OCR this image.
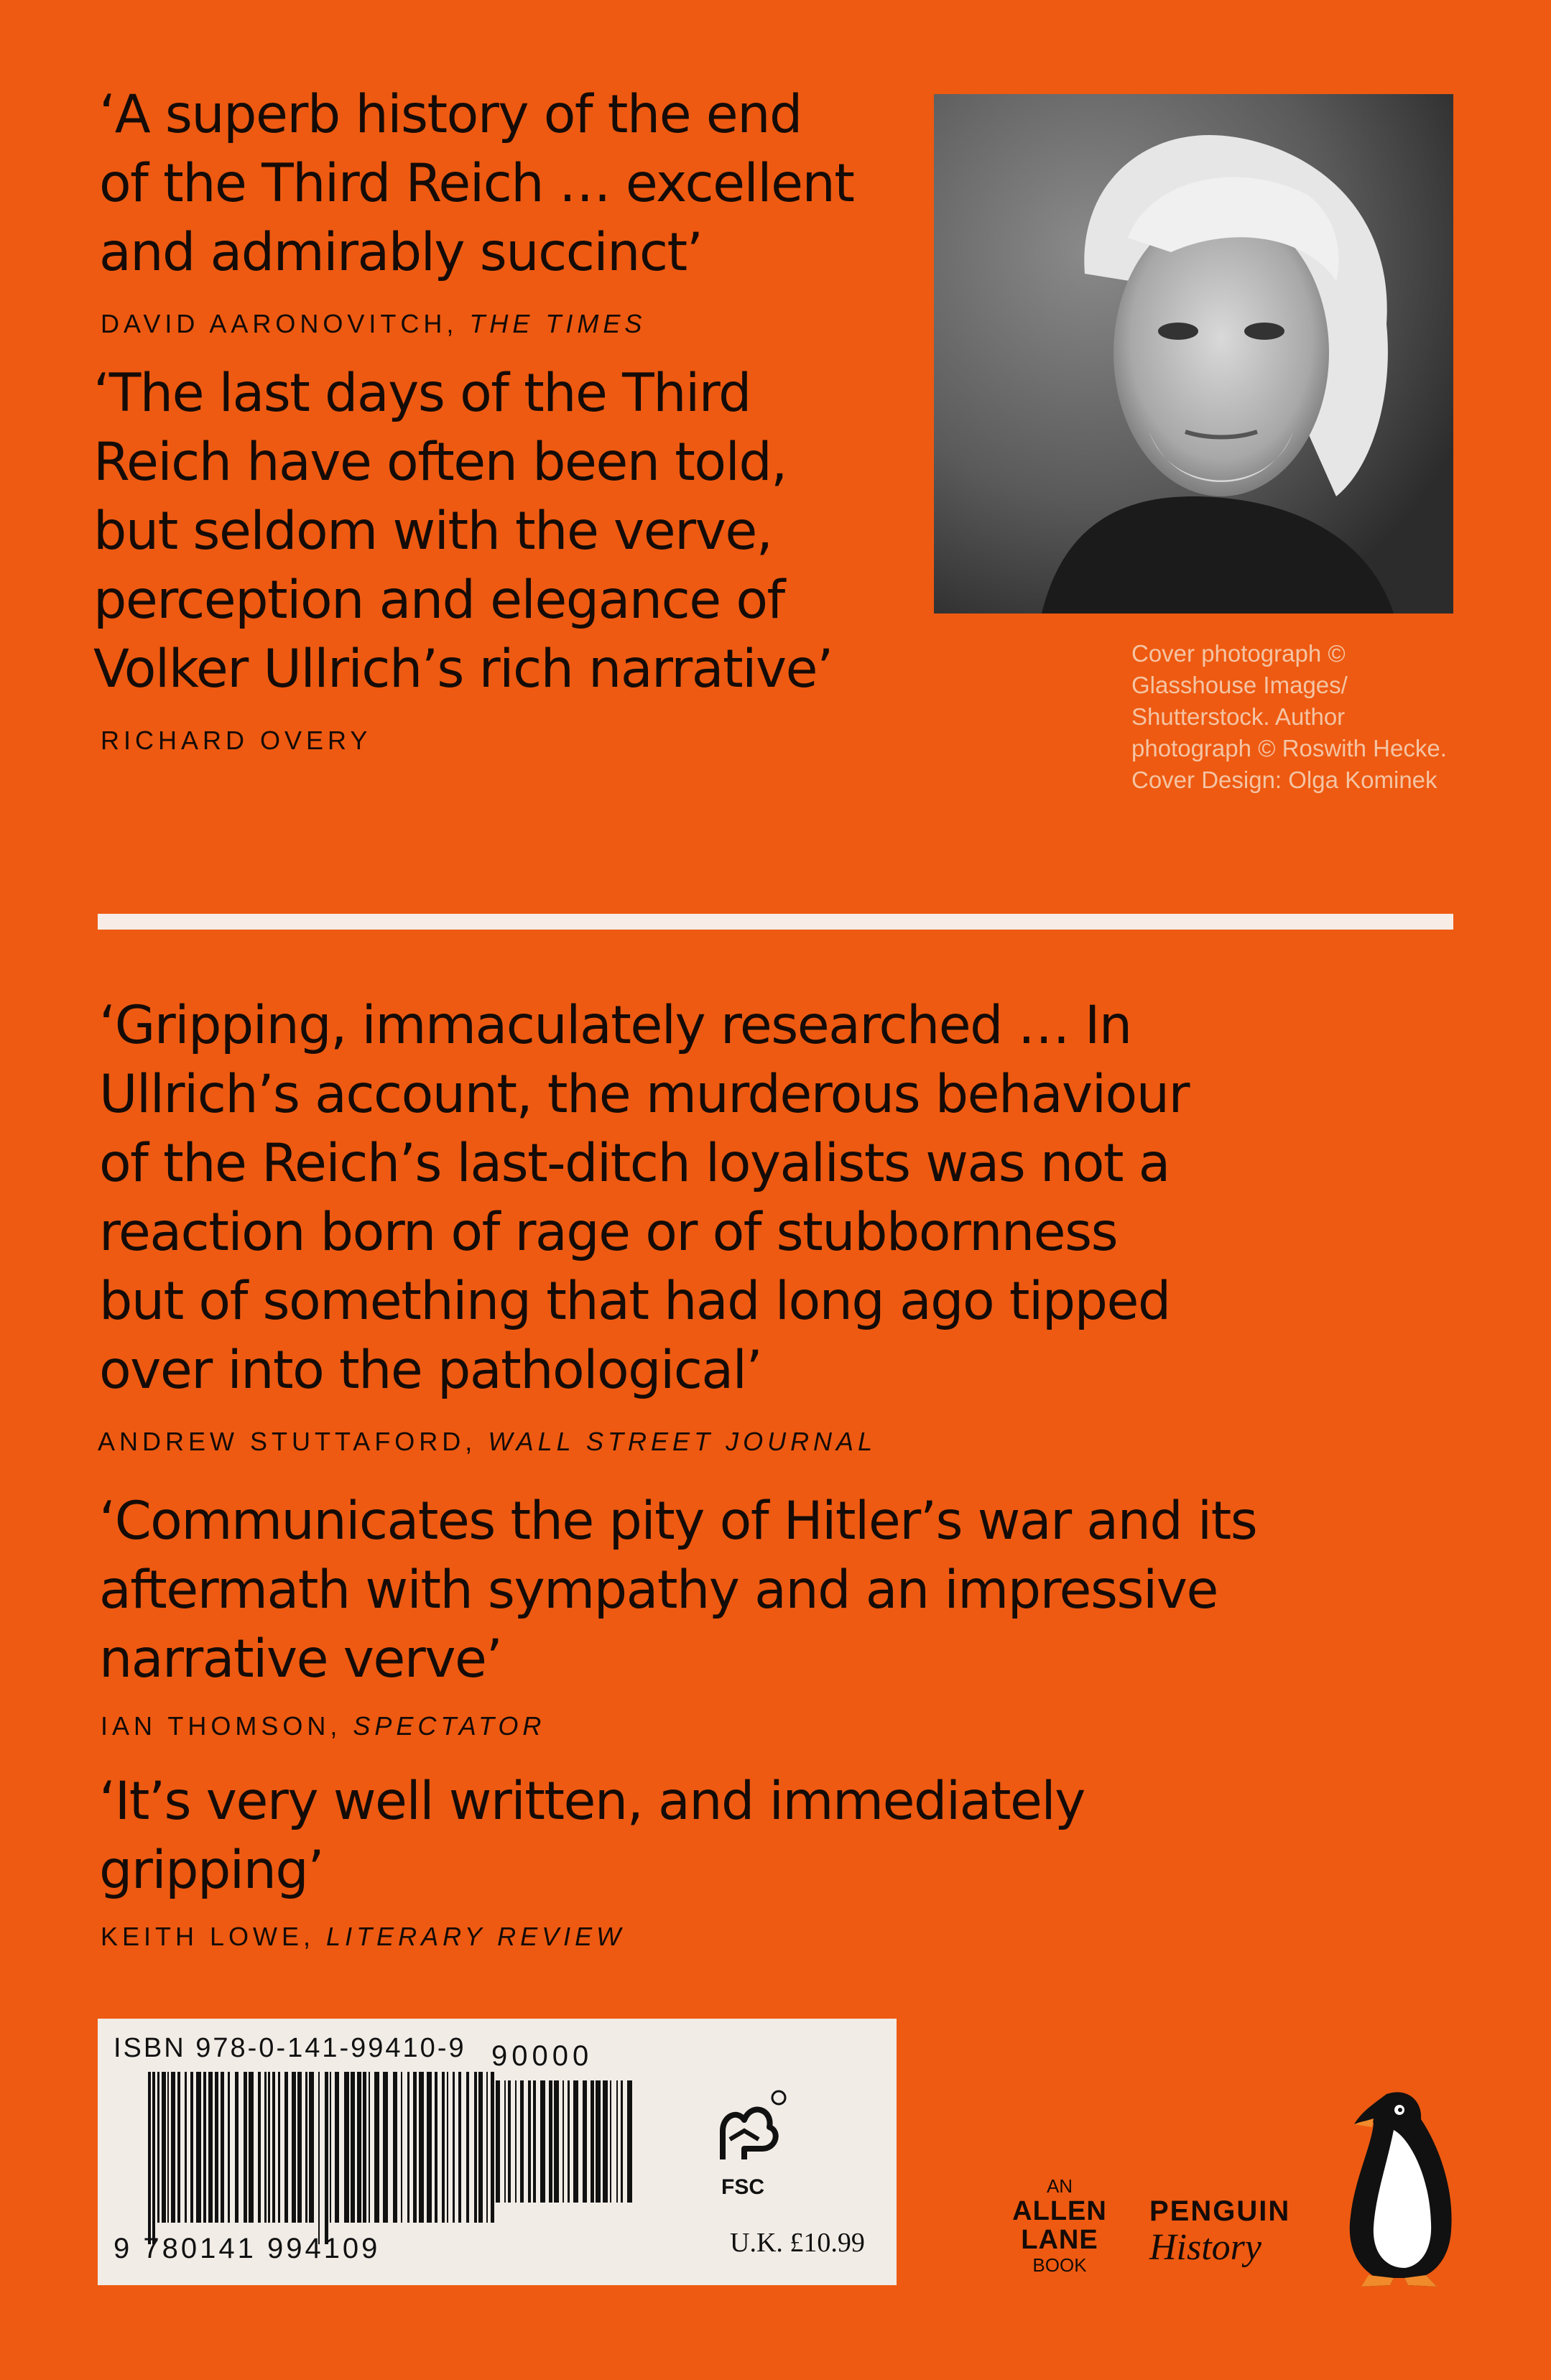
‘A superb history of the end
of the Third Reich … excellent
and admirably succinct’

DAVID AARONOVITCH, THE TIMES

‘The last days of the Third
Reich have often been told,
but seldom with the verve,
perception and elegance of
Volker Ullrich’s rich narrative’

RICHARD OVERY

Cover photograph ©
Glasshouse Images/
Shutterstock. Author
photograph © Roswith Hecke.
Cover Design: Olga Kominek

‘Gripping, immaculately researched … In
Ullrich’s account, the murderous behaviour
of the Reich’s last-ditch loyalists was not a
reaction born of rage or of stubbornness
but of something that had long ago tipped
over into the pathological’

ANDREW STUTTAFORD, WALL STREET JOURNAL

‘Communicates the pity of Hitler’s war and its
aftermath with sympathy and an impressive
narrative verve’

IAN THOMSON, SPECTATOR

‘It’s very well written, and immediately
gripping’

KEITH LOWE, LITERARY REVIEW

ISBN 978-0-141-99410-9

9 780141 994109

90000

FSC

U.K. £10.99

AN
ALLEN
LANE
BOOK
PENGUIN
History
